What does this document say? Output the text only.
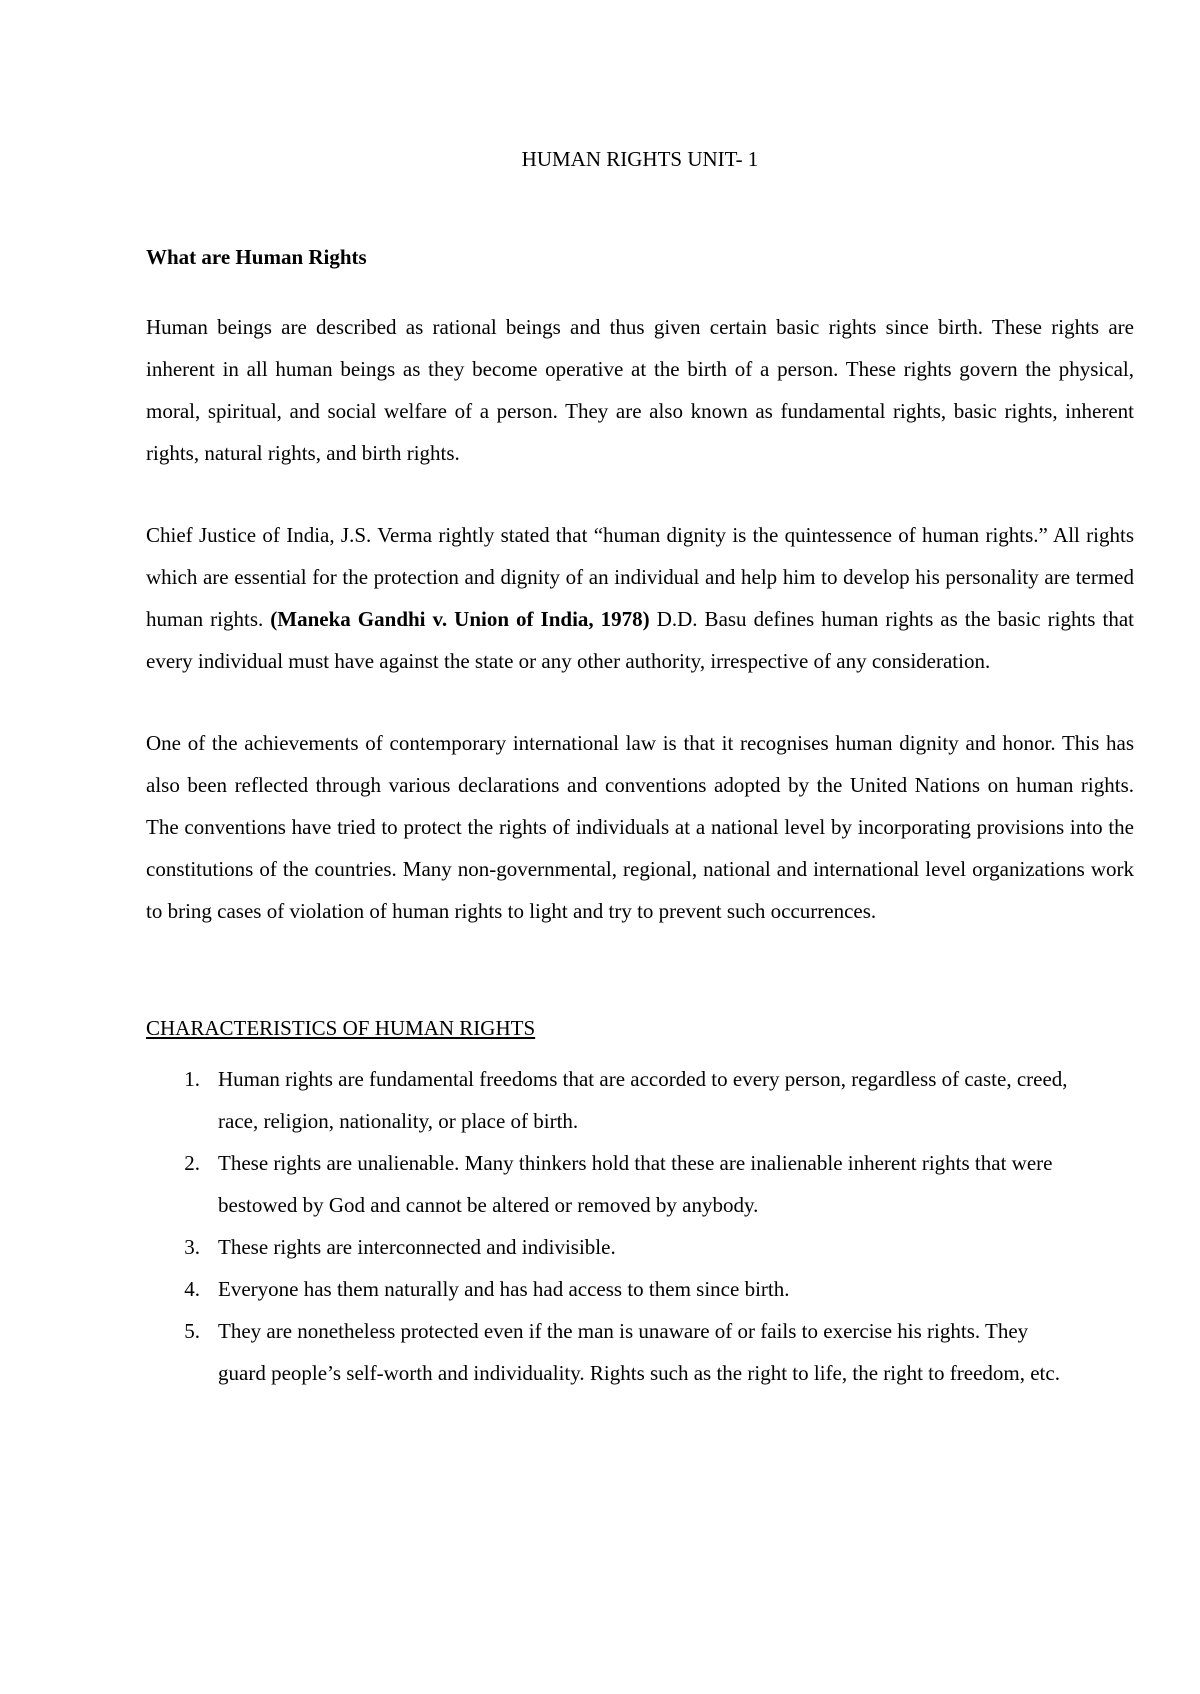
HUMAN RIGHTS UNIT- 1
What are Human Rights

Human beings are described as rational beings and thus given certain basic rights since birth. These rights are inherent in all human beings as they become operative at the birth of a person. These rights govern the physical, moral, spiritual, and social welfare of a person. They are also known as fundamental rights, basic rights, inherent rights, natural rights, and birth rights.

Chief Justice of India, J.S. Verma rightly stated that “human dignity is the quintessence of human rights.” All rights which are essential for the protection and dignity of an individual and help him to develop his personality are termed human rights. (Maneka Gandhi v. Union of India, 1978) D.D. Basu defines human rights as the basic rights that every individual must have against the state or any other authority, irrespective of any consideration.

One of the achievements of contemporary international law is that it recognises human dignity and honor. This has also been reflected through various declarations and conventions adopted by the United Nations on human rights. The conventions have tried to protect the rights of individuals at a national level by incorporating provisions into the constitutions of the countries. Many non-governmental, regional, national and international level organizations work to bring cases of violation of human rights to light and try to prevent such occurrences.

CHARACTERISTICS OF HUMAN RIGHTS
1. Human rights are fundamental freedoms that are accorded to every person, regardless of caste, creed, race, religion, nationality, or place of birth.
2. These rights are unalienable. Many thinkers hold that these are inalienable inherent rights that were bestowed by God and cannot be altered or removed by anybody.
3. These rights are interconnected and indivisible.
4. Everyone has them naturally and has had access to them since birth.
5. They are nonetheless protected even if the man is unaware of or fails to exercise his rights. They guard people’s self-worth and individuality. Rights such as the right to life, the right to freedom, etc.
